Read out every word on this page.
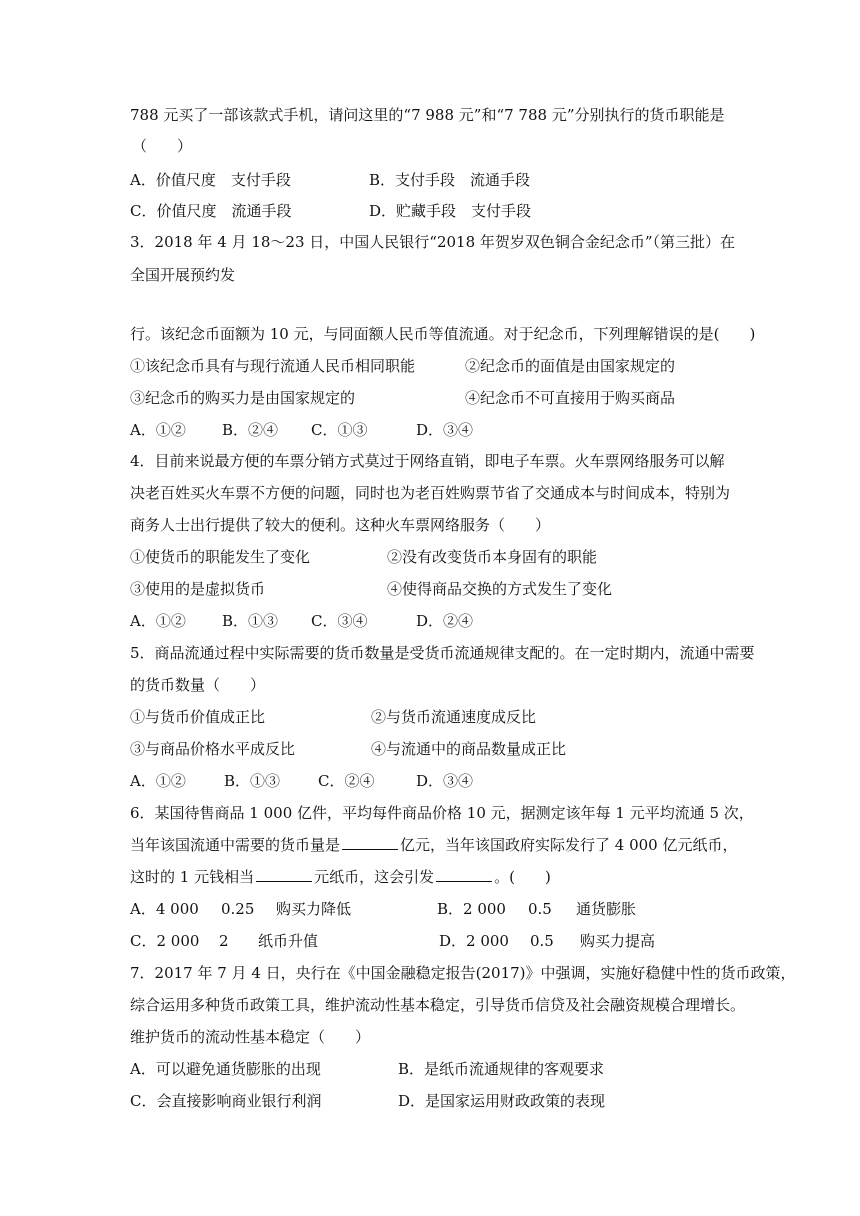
788 元买了一部该款式手机，请问这里的“7 988 元”和“7 788 元”分别执行的货币职能是
（　　）
A．价值尺度　支付手段	B．支付手段　流通手段
C．价值尺度　流通手段	D．贮藏手段　支付手段
3．2018 年 4 月 18～23 日，中国人民银行“2018 年贺岁双色铜合金纪念币”（第三批）在
全国开展预约发
行。该纪念币面额为 10 元，与同面额人民币等值流通。对于纪念币，下列理解错误的是(　　)
①该纪念币具有与现行流通人民币相同职能	②纪念币的面值是由国家规定的
③纪念币的购买力是由国家规定的	④纪念币不可直接用于购买商品
A．①② B．②④ C．①③	D．③④
4．目前来说最方便的车票分销方式莫过于网络直销，即电子车票。火车票网络服务可以解
决老百姓买火车票不方便的问题，同时也为老百姓购票节省了交通成本与时间成本，特别为
商务人士出行提供了较大的便利。这种火车票网络服务（　　）
①使货币的职能发生了变化	②没有改变货币本身固有的职能
③使用的是虚拟货币	④使得商品交换的方式发生了变化
A．①② B．①③ C．③④	D．②④
5．商品流通过程中实际需要的货币数量是受货币流通规律支配的。在一定时期内，流通中需要
的货币数量（　　）
①与货币价值成正比	②与货币流通速度成反比
③与商品价格水平成反比	④与流通中的商品数量成正比
A．①②	B．①③	C．②④	D．③④
6．某国待售商品 1 000 亿件，平均每件商品价格 10 元，据测定该年每 1 元平均流通 5 次，
当年该国流通中需要的货币量是	亿元，当年该国政府实际发行了 4 000 亿元纸币，
这时的 1 元钱相当	元纸币，这会引发	。(　　)
A．4 000 0.25 购买力降低	B．2 000 0.5 通货膨胀
C．2 000 2 纸币升值	D．2 000 0.5 购买力提高
7．2017 年 7 月 4 日，央行在《中国金融稳定报告(2017)》中强调，实施好稳健中性的货币政策，
综合运用多种货币政策工具，维护流动性基本稳定，引导货币信贷及社会融资规模合理增长。
维护货币的流动性基本稳定（　　）
A．可以避免通货膨胀的出现	B．是纸币流通规律的客观要求
C．会直接影响商业银行利润	D．是国家运用财政政策的表现
